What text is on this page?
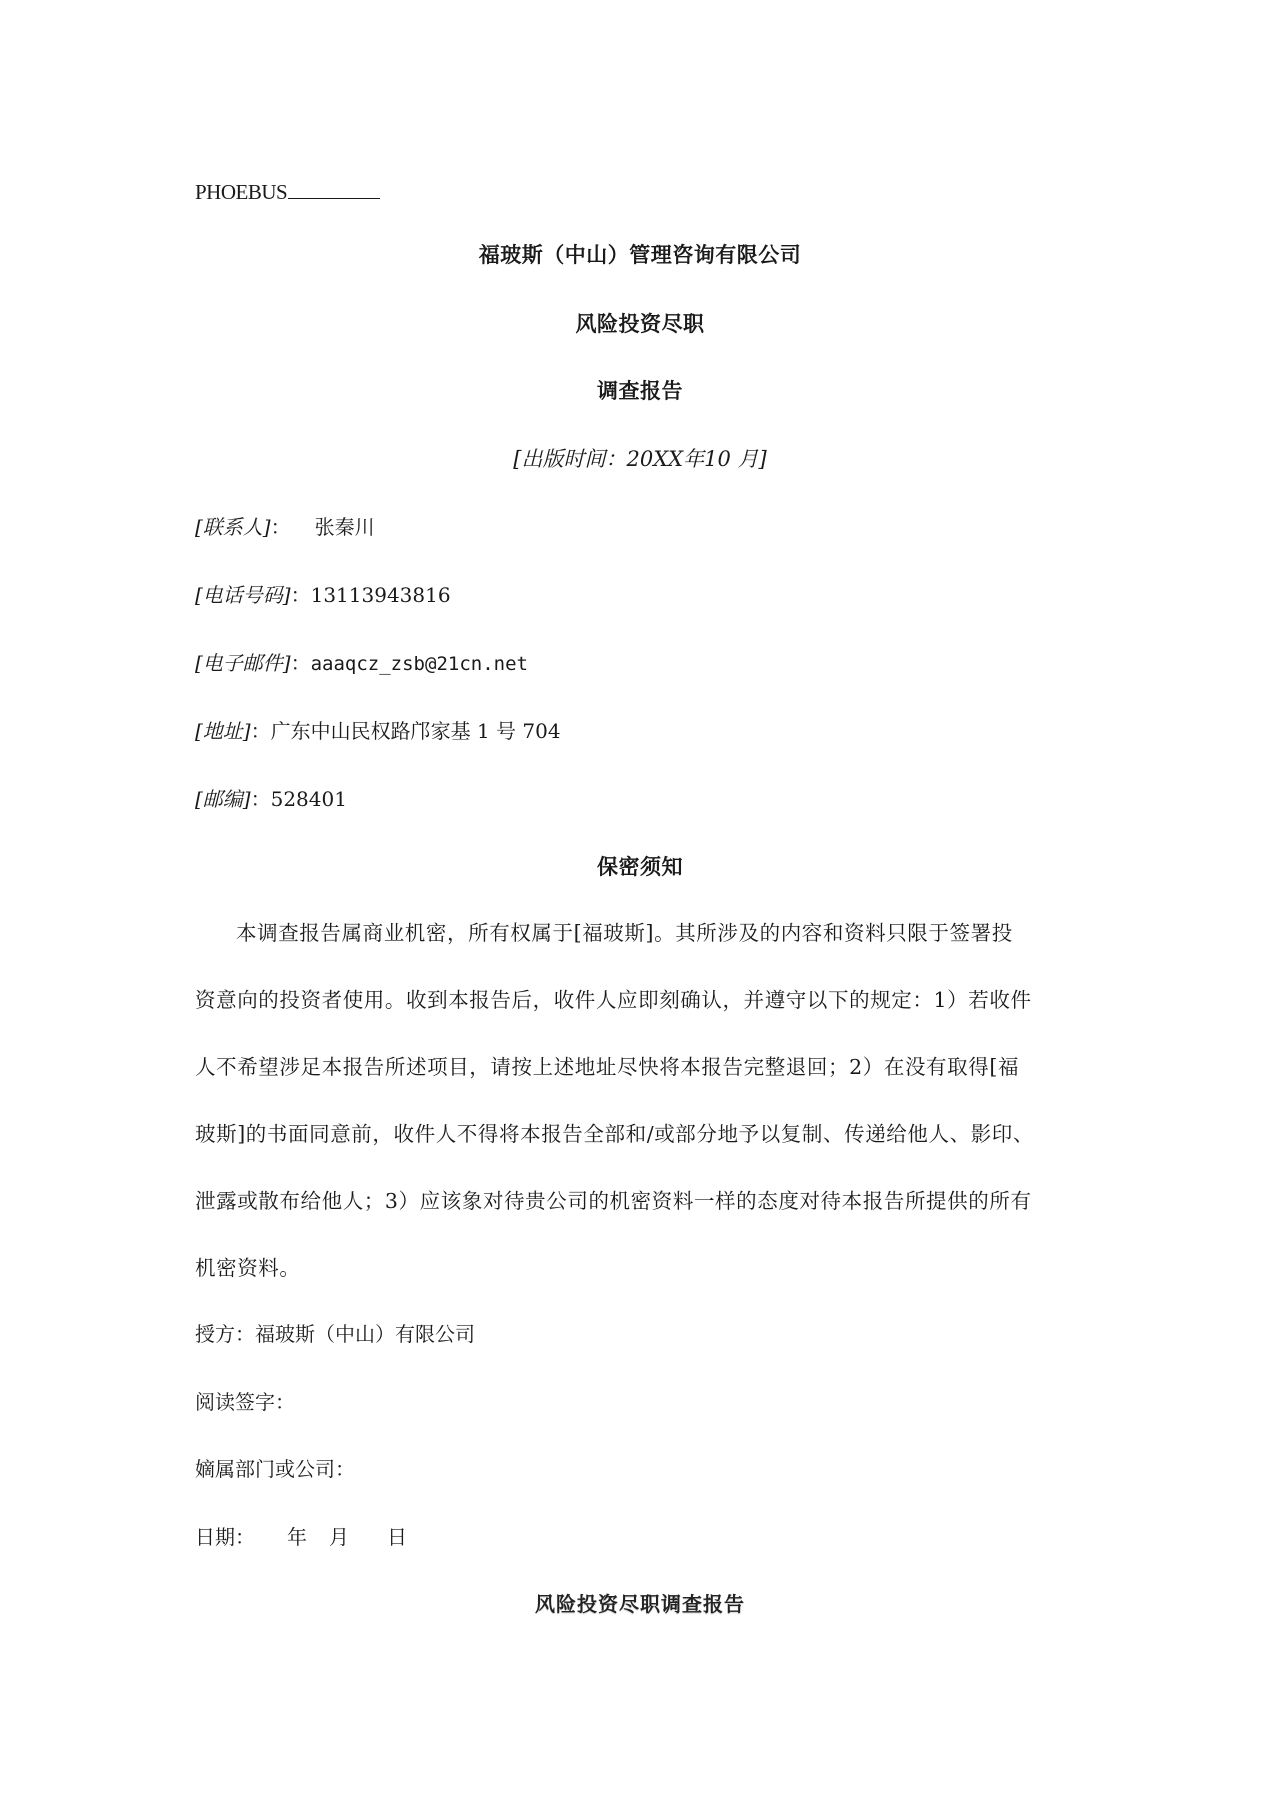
PHOEBUS
福玻斯（中山）管理咨询有限公司
风险投资尽职
调查报告
[出版时间：20XX年10 月]
[联系人]： 张秦川
[电话号码]：13113943816
[电子邮件]：aaaqcz_zsb@21cn.net
[地址]：广东中山民权路邝家基 1 号 704
[邮编]：528401
保密须知
本调查报告属商业机密，所有权属于[福玻斯]。其所涉及的内容和资料只限于签署投
资意向的投资者使用。收到本报告后，收件人应即刻确认，并遵守以下的规定：1）若收件
人不希望涉足本报告所述项目，请按上述地址尽快将本报告完整退回；2）在没有取得[福
玻斯]的书面同意前，收件人不得将本报告全部和/或部分地予以复制、传递给他人、影印、
泄露或散布给他人；3）应该象对待贵公司的机密资料一样的态度对待本报告所提供的所有
机密资料。
授方：福玻斯（中山）有限公司
阅读签字：
嫡属部门或公司：
日期： 年 月 日
风险投资尽职调查报告
